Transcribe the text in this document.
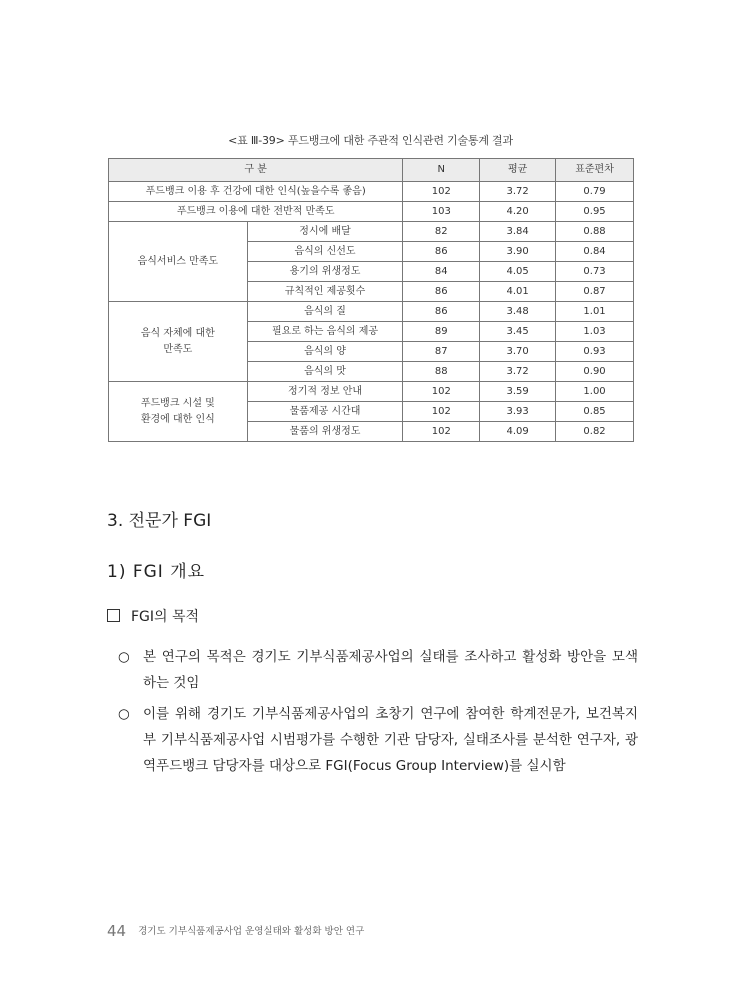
<표 Ⅲ-39> 푸드뱅크에 대한 주관적 인식관련 기술통계 결과
구 분		N	평균	표준편차
푸드뱅크 이용 후 건강에 대한 인식(높을수록 좋음)		102	3.72	0.79
푸드뱅크 이용에 대한 전반적 만족도		103	4.20	0.95

음식서비스 만족도	정시에 배달	82	3.84	0.88
	음식의 신선도	86	3.90	0.84
	용기의 위생정도	84	4.05	0.73
	규칙적인 제공횟수	86	4.01	0.87

음식 자체에 대한
만족도	음식의 질	86	3.48	1.01
	필요로 하는 음식의 제공	89	3.45	1.03
	음식의 양	87	3.70	0.93
	음식의 맛	88	3.72	0.90

푸드뱅크 시설 및
환경에 대한 인식	정기적 정보 안내	102	3.59	1.00
	물품제공 시간대	102	3.93	0.85
	물품의 위생정도	102	4.09	0.82
3. 전문가 FGI
1) FGI 개요
FGI의 목적
○ 본 연구의 목적은 경기도 기부식품제공사업의 실태를 조사하고 활성화 방안을 모색하는 것임
○ 이를 위해 경기도 기부식품제공사업의 초창기 연구에 참여한 학계전문가, 보건복지부 기부식품제공사업 시범평가를 수행한 기관 담당자, 실태조사를 분석한 연구자, 광역푸드뱅크 담당자를 대상으로 FGI(Focus Group Interview)를 실시함
44 경기도 기부식품제공사업 운영실태와 활성화 방안 연구
